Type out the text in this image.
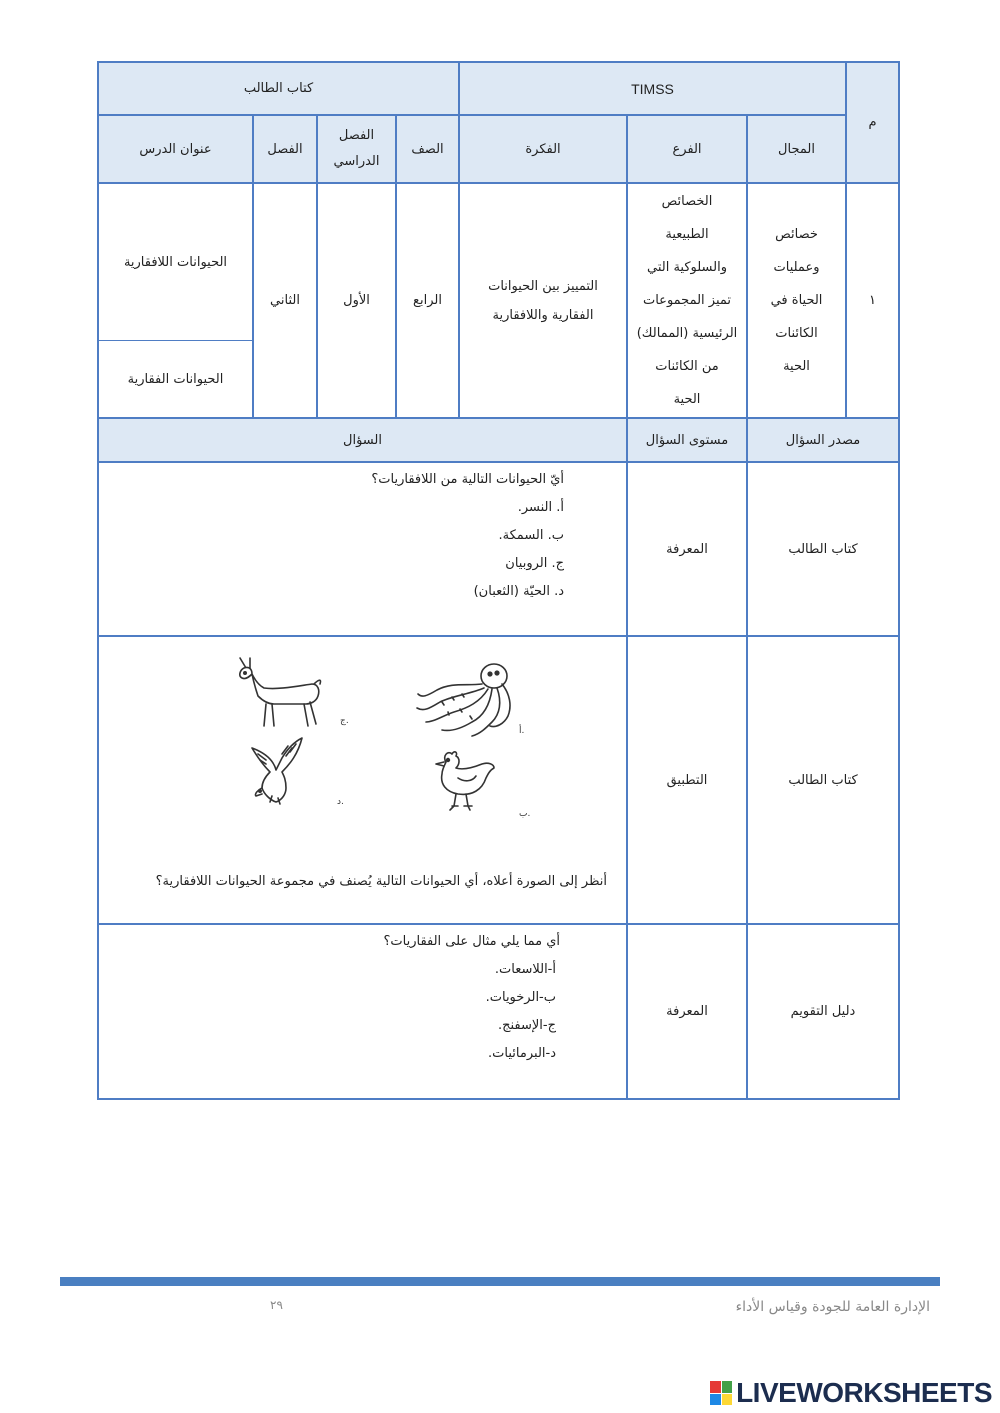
م
TIMSS
كتاب الطالب
المجال
الفرع
الفكرة
الصف
الفصل
الدراسي
الفصل
عنوان الدرس
١
خصائص
وعمليات
الحياة في
الكائنات
الحية
الخصائص
الطبيعية
والسلوكية التي
تميز المجموعات
(الممالك) الرئيسية
من الكائنات
الحية
التمييز بين الحيوانات
الفقارية واللافقارية
الرابع
الأول
الثاني
الحيوانات اللافقارية
الحيوانات الفقارية
مصدر السؤال
مستوى السؤال
السؤال
كتاب الطالب
المعرفة
أيّ الحيوانات التالية من اللافقاريات؟
أ. النسر.
ب. السمكة.
ج. الروبيان
د. الحيّة (الثعبان)
كتاب الطالب
التطبيق
أ.
ب.
ج.
د.
أنظر إلى الصورة أعلاه، أي الحيوانات التالية يُصنف في مجموعة الحيوانات اللافقارية؟
دليل التقويم
المعرفة
أي مما يلي مثال على الفقاريات؟
أ-اللاسعات.
ب-الرخويات.
ج-الإسفنج.
د-البرمائيات.
٢٩	الإدارة العامة للجودة وقياس الأداء
LIVEWORKSHEETS
